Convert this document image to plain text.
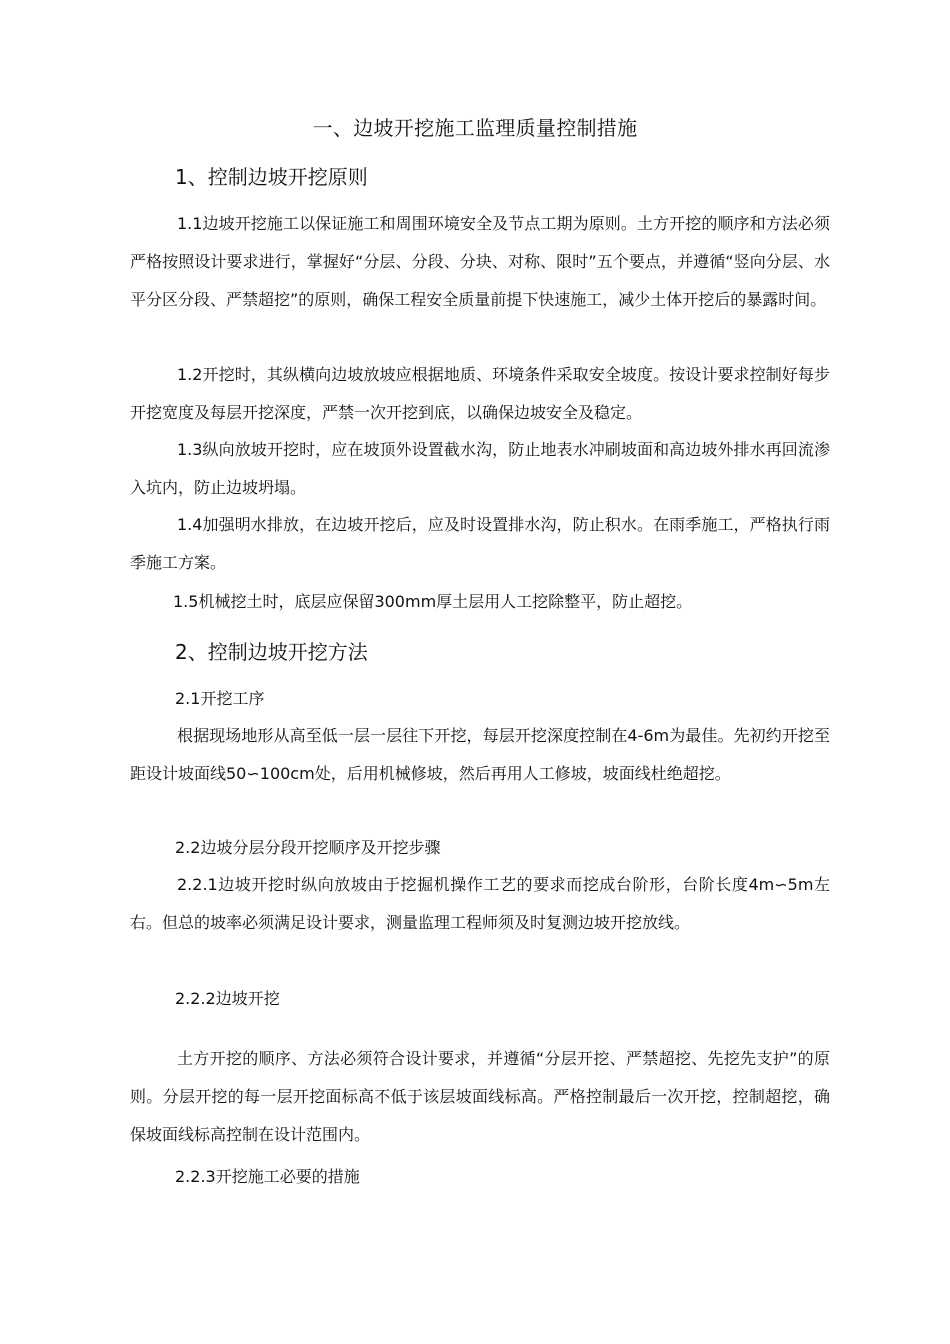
一、边坡开挖施工监理质量控制措施
1、控制边坡开挖原则
1.1边坡开挖施工以保证施工和周围环境安全及节点工期为原则。土方开挖的顺序和方法必须严格按照设计要求进行，掌握好“分层、分段、分块、对称、限时”五个要点，并遵循“竖向分层、水平分区分段、严禁超挖”的原则，确保工程安全质量前提下快速施工，减少土体开挖后的暴露时间。
1.2开挖时，其纵横向边坡放坡应根据地质、环境条件采取安全坡度。按设计要求控制好每步开挖宽度及每层开挖深度，严禁一次开挖到底，以确保边坡安全及稳定。
1.3纵向放坡开挖时，应在坡顶外设置截水沟，防止地表水冲刷坡面和高边坡外排水再回流渗入坑内，防止边坡坍塌。
1.4加强明水排放，在边坡开挖后，应及时设置排水沟，防止积水。在雨季施工，严格执行雨季施工方案。
1.5机械挖土时，底层应保留300mm厚土层用人工挖除整平，防止超挖。
2、控制边坡开挖方法
2.1开挖工序
根据现场地形从高至低一层一层往下开挖，每层开挖深度控制在4-6m为最佳。先初约开挖至距设计坡面线50∽100cm处，后用机械修坡，然后再用人工修坡，坡面线杜绝超挖。
2.2边坡分层分段开挖顺序及开挖步骤
2.2.1边坡开挖时纵向放坡由于挖掘机操作工艺的要求而挖成台阶形，台阶长度4m∽5m左右。但总的坡率必须满足设计要求，测量监理工程师须及时复测边坡开挖放线。
2.2.2边坡开挖
土方开挖的顺序、方法必须符合设计要求，并遵循“分层开挖、严禁超挖、先挖先支护”的原则。分层开挖的每一层开挖面标高不低于该层坡面线标高。严格控制最后一次开挖，控制超挖，确保坡面线标高控制在设计范围内。
2.2.3开挖施工必要的措施
